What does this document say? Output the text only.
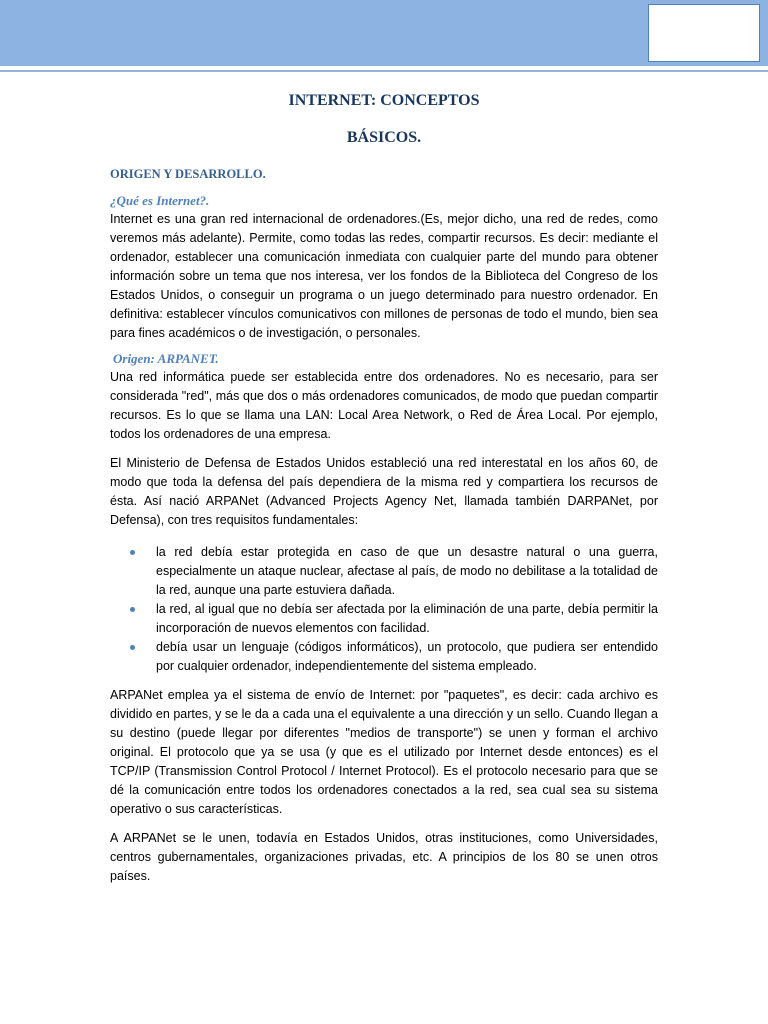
INTERNET: CONCEPTOS
BÁSICOS.
ORIGEN Y DESARROLLO.
¿Qué es Internet?.

Internet es una gran red internacional de ordenadores.(Es, mejor dicho, una red de redes, como veremos más adelante). Permite, como todas las redes, compartir recursos. Es decir: mediante el ordenador, establecer una comunicación inmediata con cualquier parte del mundo para obtener información sobre un tema que nos interesa, ver los fondos de la Biblioteca del Congreso de los Estados Unidos, o conseguir un programa o un juego determinado para nuestro ordenador. En definitiva: establecer vínculos comunicativos con millones de personas de todo el mundo, bien sea para fines académicos o de investigación, o personales.

Origen: ARPANET.

Una red informática puede ser establecida entre dos ordenadores. No es necesario, para ser considerada "red", más que dos o más ordenadores comunicados, de modo que puedan compartir recursos. Es lo que se llama una LAN: Local Area Network, o Red de Área Local. Por ejemplo, todos los ordenadores de una empresa.

El Ministerio de Defensa de Estados Unidos estableció una red interestatal en los años 60, de modo que toda la defensa del país dependiera de la misma red y compartiera los recursos de ésta. Así nació ARPANet (Advanced Projects Agency Net, llamada también DARPANet, por Defensa), con tres requisitos fundamentales:

la red debía estar protegida en caso de que un desastre natural o una guerra, especialmente un ataque nuclear, afectase al país, de modo no debilitase a la totalidad de la red, aunque una parte estuviera dañada.
la red, al igual que no debía ser afectada por la eliminación de una parte, debía permitir la incorporación de nuevos elementos con facilidad.
debía usar un lenguaje (códigos informáticos), un protocolo, que pudiera ser entendido por cualquier ordenador, independientemente del sistema empleado.

ARPANet emplea ya el sistema de envío de Internet: por "paquetes", es decir: cada archivo es dividido en partes, y se le da a cada una el equivalente a una dirección y un sello. Cuando llegan a su destino (puede llegar por diferentes "medios de transporte") se unen y forman el archivo original. El protocolo que ya se usa (y que es el utilizado por Internet desde entonces) es el TCP/IP (Transmission Control Protocol / Internet Protocol). Es el protocolo necesario para que se dé la comunicación entre todos los ordenadores conectados a la red, sea cual sea su sistema operativo o sus características.

A ARPANet se le unen, todavía en Estados Unidos, otras instituciones, como Universidades, centros gubernamentales, organizaciones privadas, etc. A principios de los 80 se unen otros países.
